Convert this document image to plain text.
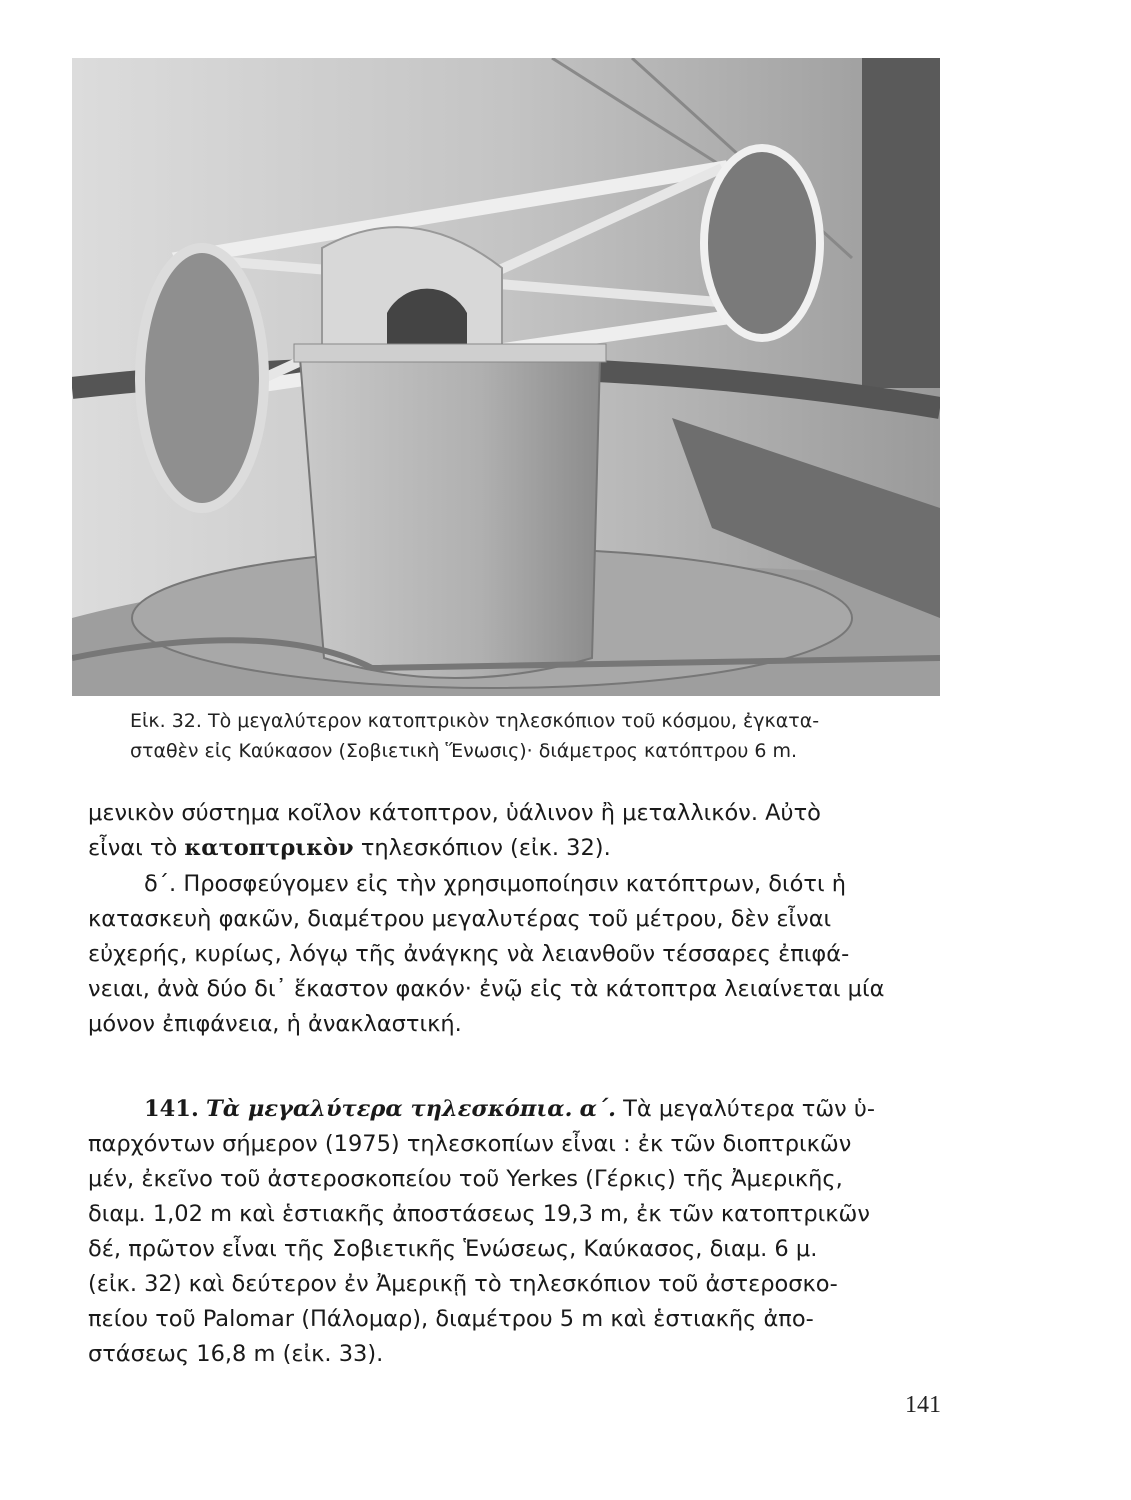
Εἰκ. 32. Τὸ μεγαλύτερον κατοπτρικὸν τηλεσκόπιον τοῦ κόσμου, ἐγκατα-
σταθὲν εἰς Καύκασον (Σοβιετικὴ Ἕνωσις)· διάμετρος κατόπτρου 6 m.
μενικὸν σύστημα κοῖλον κάτοπτρον, ὑάλινον ἢ μεταλλικόν. Αὐτὸ
εἶναι τὸ κατοπτρικὸν τηλεσκόπιον (εἰκ. 32).
δ΄. Προσφεύγομεν εἰς τὴν χρησιμοποίησιν κατόπτρων, διότι ἡ
κατασκευὴ φακῶν, διαμέτρου μεγαλυτέρας τοῦ μέτρου, δὲν εἶναι
εὐχερής, κυρίως, λόγῳ τῆς ἀνάγκης νὰ λειανθοῦν τέσσαρες ἐπιφά-
νειαι, ἀνὰ δύο δι᾽ ἕκαστον φακόν· ἐνῷ εἰς τὰ κάτοπτρα λειαίνεται μία
μόνον ἐπιφάνεια, ἡ ἀνακλαστική.
141. Τὰ μεγαλύτερα τηλεσκόπια. α΄. Τὰ μεγαλύτερα τῶν ὑ-
παρχόντων σήμερον (1975) τηλεσκοπίων εἶναι : ἐκ τῶν διοπτρικῶν
μέν, ἐκεῖνο τοῦ ἀστεροσκοπείου τοῦ Yerkes (Γέρκις) τῆς Ἀμερικῆς,
διαμ. 1,02 m καὶ ἑστιακῆς ἀποστάσεως 19,3 m, ἐκ τῶν κατοπτρικῶν
δέ, πρῶτον εἶναι τῆς Σοβιετικῆς Ἑνώσεως, Καύκασος, διαμ. 6 μ.
(εἰκ. 32) καὶ δεύτερον ἐν Ἀμερικῇ τὸ τηλεσκόπιον τοῦ ἀστεροσκο-
πείου τοῦ Palomar (Πάλομαρ), διαμέτρου 5 m καὶ ἑστιακῆς ἀπο-
στάσεως 16,8 m (εἰκ. 33).
141
